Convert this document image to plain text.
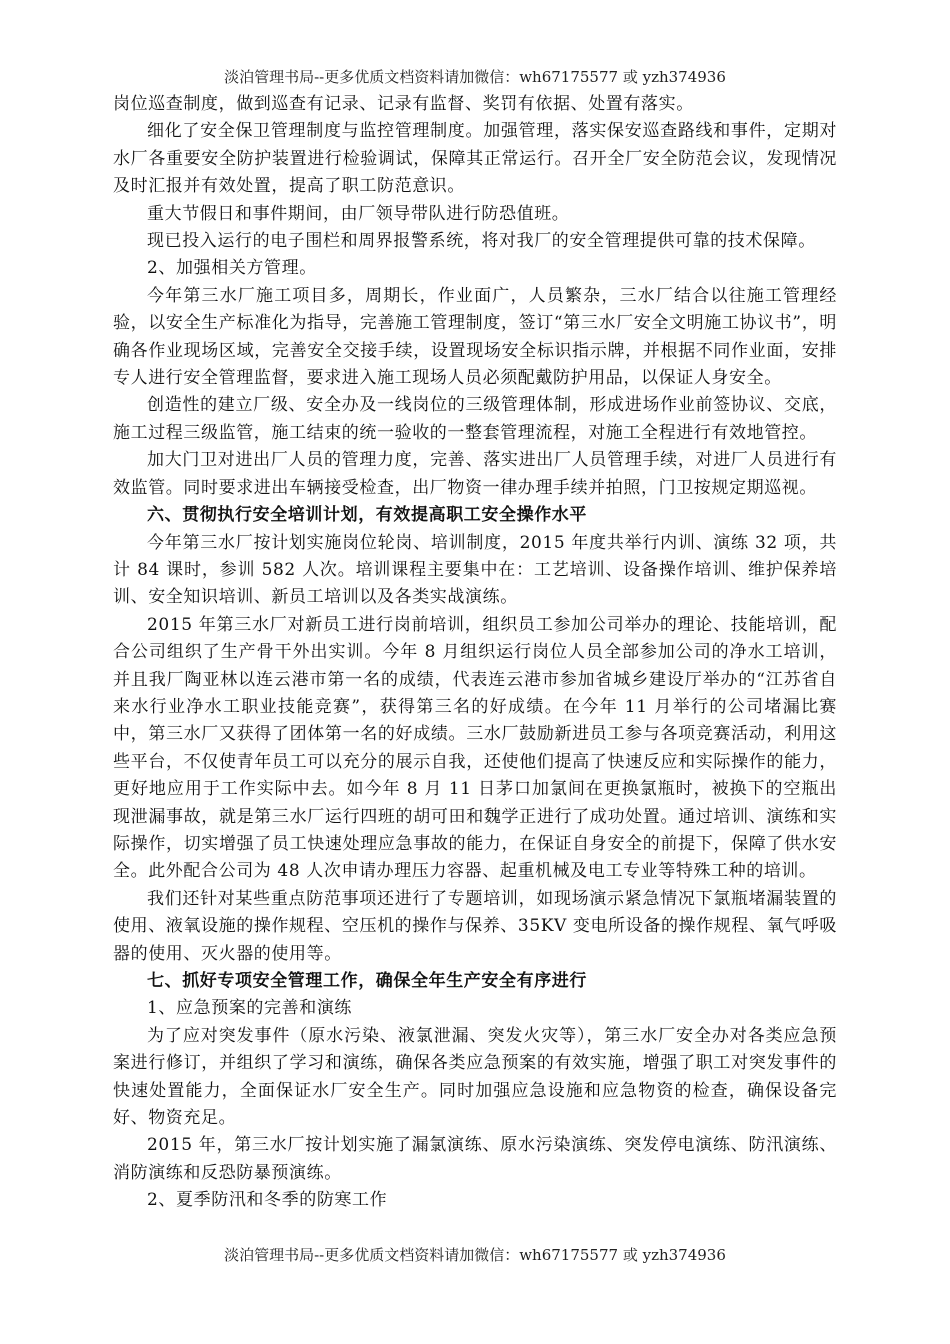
淡泊管理书局--更多优质文档资料请加微信：wh67175577 或 yzh374936

岗位巡查制度，做到巡查有记录、记录有监督、奖罚有依据、处置有落实。

细化了安全保卫管理制度与监控管理制度。加强管理，落实保安巡查路线和事件，定期对水厂各重要安全防护装置进行检验调试，保障其正常运行。召开全厂安全防范会议，发现情况及时汇报并有效处置，提高了职工防范意识。

重大节假日和事件期间，由厂领导带队进行防恐值班。

现已投入运行的电子围栏和周界报警系统，将对我厂的安全管理提供可靠的技术保障。

2、加强相关方管理。

今年第三水厂施工项目多，周期长，作业面广，人员繁杂，三水厂结合以往施工管理经验，以安全生产标准化为指导，完善施工管理制度，签订“第三水厂安全文明施工协议书”，明确各作业现场区域，完善安全交接手续，设置现场安全标识指示牌，并根据不同作业面，安排专人进行安全管理监督，要求进入施工现场人员必须配戴防护用品，以保证人身安全。

创造性的建立厂级、安全办及一线岗位的三级管理体制，形成进场作业前签协议、交底，施工过程三级监管，施工结束的统一验收的一整套管理流程，对施工全程进行有效地管控。

加大门卫对进出厂人员的管理力度，完善、落实进出厂人员管理手续，对进厂人员进行有效监管。同时要求进出车辆接受检查，出厂物资一律办理手续并拍照，门卫按规定期巡视。

六、贯彻执行安全培训计划，有效提高职工安全操作水平

今年第三水厂按计划实施岗位轮岗、培训制度，2015 年度共举行内训、演练 32 项，共计 84 课时，参训 582 人次。培训课程主要集中在：工艺培训、设备操作培训、维护保养培训、安全知识培训、新员工培训以及各类实战演练。

2015 年第三水厂对新员工进行岗前培训，组织员工参加公司举办的理论、技能培训，配合公司组织了生产骨干外出实训。今年 8 月组织运行岗位人员全部参加公司的净水工培训，并且我厂陶亚林以连云港市第一名的成绩，代表连云港市参加省城乡建设厅举办的“江苏省自来水行业净水工职业技能竞赛”，获得第三名的好成绩。在今年 11 月举行的公司堵漏比赛中，第三水厂又获得了团体第一名的好成绩。三水厂鼓励新进员工参与各项竞赛活动，利用这些平台，不仅使青年员工可以充分的展示自我，还使他们提高了快速反应和实际操作的能力，更好地应用于工作实际中去。如今年 8 月 11 日茅口加氯间在更换氯瓶时，被换下的空瓶出现泄漏事故，就是第三水厂运行四班的胡可田和魏学正进行了成功处置。通过培训、演练和实际操作，切实增强了员工快速处理应急事故的能力，在保证自身安全的前提下，保障了供水安全。此外配合公司为 48 人次申请办理压力容器、起重机械及电工专业等特殊工种的培训。

我们还针对某些重点防范事项还进行了专题培训，如现场演示紧急情况下氯瓶堵漏装置的使用、液氧设施的操作规程、空压机的操作与保养、35KV 变电所设备的操作规程、氧气呼吸器的使用、灭火器的使用等。

七、抓好专项安全管理工作，确保全年生产安全有序进行

1、应急预案的完善和演练

为了应对突发事件（原水污染、液氯泄漏、突发火灾等），第三水厂安全办对各类应急预案进行修订，并组织了学习和演练，确保各类应急预案的有效实施，增强了职工对突发事件的快速处置能力，全面保证水厂安全生产。同时加强应急设施和应急物资的检查，确保设备完好、物资充足。

2015 年，第三水厂按计划实施了漏氯演练、原水污染演练、突发停电演练、防汛演练、消防演练和反恐防暴预演练。

2、夏季防汛和冬季的防寒工作

淡泊管理书局--更多优质文档资料请加微信：wh67175577 或 yzh374936
